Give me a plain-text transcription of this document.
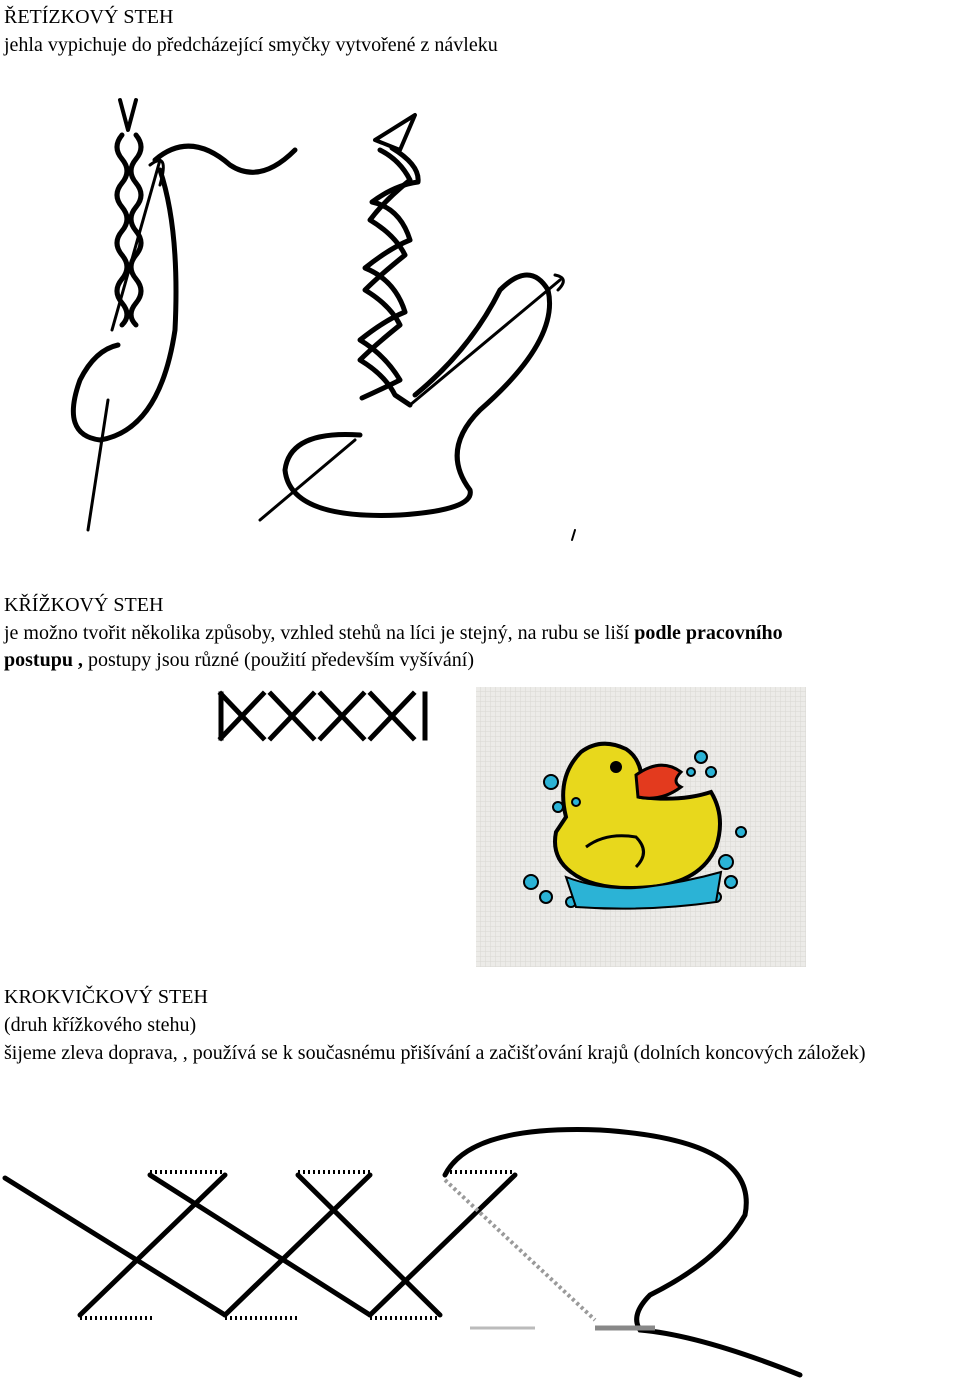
ŘETÍZKOVÝ STEH
jehla vypichuje do předcházející smyčky vytvořené z návleku
KŘÍŽKOVÝ STEH
je možno tvořit několika způsoby, vzhled stehů na líci je stejný, na rubu se liší podle pracovního
postupu , postupy jsou různé (použití především vyšívání)
KROKVIČKOVÝ STEH
(druh křížkového stehu)
šijeme zleva doprava, , používá se k současnému přišívání a začišťování krajů (dolních koncových záložek)
